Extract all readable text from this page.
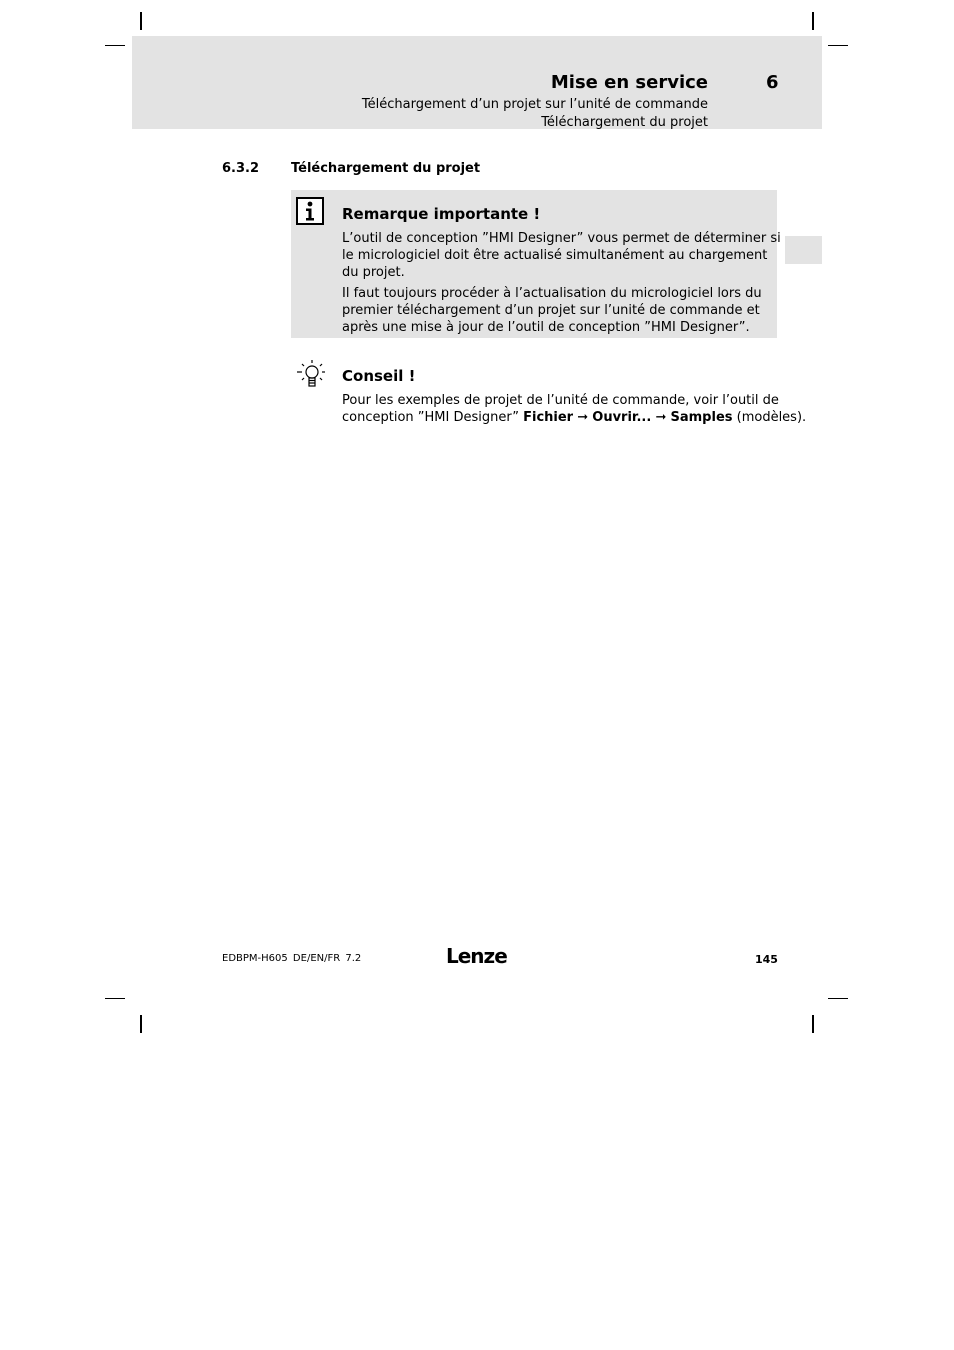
Mise en service	6
Téléchargement d’un projet sur l’unité de commande
Téléchargement du projet
6.3.2 Téléchargement du projet
Remarque importante !
L’outil de conception ”HMI Designer” vous permet de déterminer si
le micrologiciel doit être actualisé simultanément au chargement
du projet.
Il faut toujours procéder à l’actualisation du micrologiciel lors du
premier téléchargement d’un projet sur l’unité de commande et
après une mise à jour de l’outil de conception ”HMI Designer”.
Conseil !
Pour les exemples de projet de l’unité de commande, voir l’outil de
conception ”HMI Designer” Fichier ➞ Ouvrir... ➞ Samples (modèles).
EDBPM-H605 DE/EN/FR 7.2	Lenze	145
